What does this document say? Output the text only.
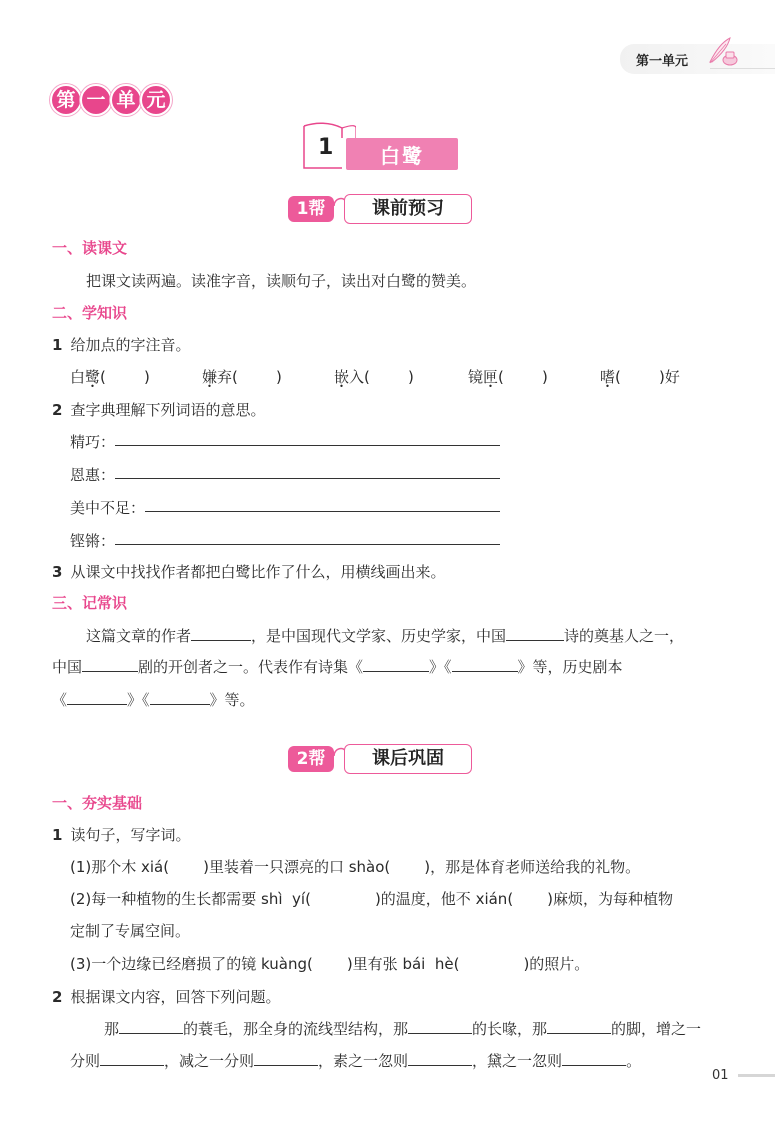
第一单元
第 一 单 元
1	白鹭
1帮	课前预习
一、读课文
把课文读两遍。读准字音，读顺句子，读出对白鹭的赞美。
二、学知识
1 给加点的字注音。
白鹭(        )	嫌弃(        )	嵌入(        )	镜匣(        )	嗜(        )好
2 查字典理解下列词语的意思。
精巧：
恩惠：
美中不足：
铿锵：
3 从课文中找找作者都把白鹭比作了什么，用横线画出来。
三、记常识
这篇文章的作者	，是中国现代文学家、历史学家，中国	诗的奠基人之一，
中国	剧的开创者之一。代表作有诗集《	》《	》等，历史剧本
《	》《	》等。
2帮	课后巩固
一、夯实基础
1 读句子，写字词。
(1)那个木 xiá( )里装着一只漂亮的口 shào( )，那是体育老师送给我的礼物。
(2)每一种植物的生长都需要 shì  yí(	)的温度，他不 xián( )麻烦，为每种植物
定制了专属空间。
(3)一个边缘已经磨损了的镜 kuàng( )里有张 bái  hè(	)的照片。
2 根据课文内容，回答下列问题。
那	的蓑毛，那全身的流线型结构，那	的长喙，那	的脚，增之一
分则	，减之一分则	，素之一忽则	，黛之一忽则	。
01
